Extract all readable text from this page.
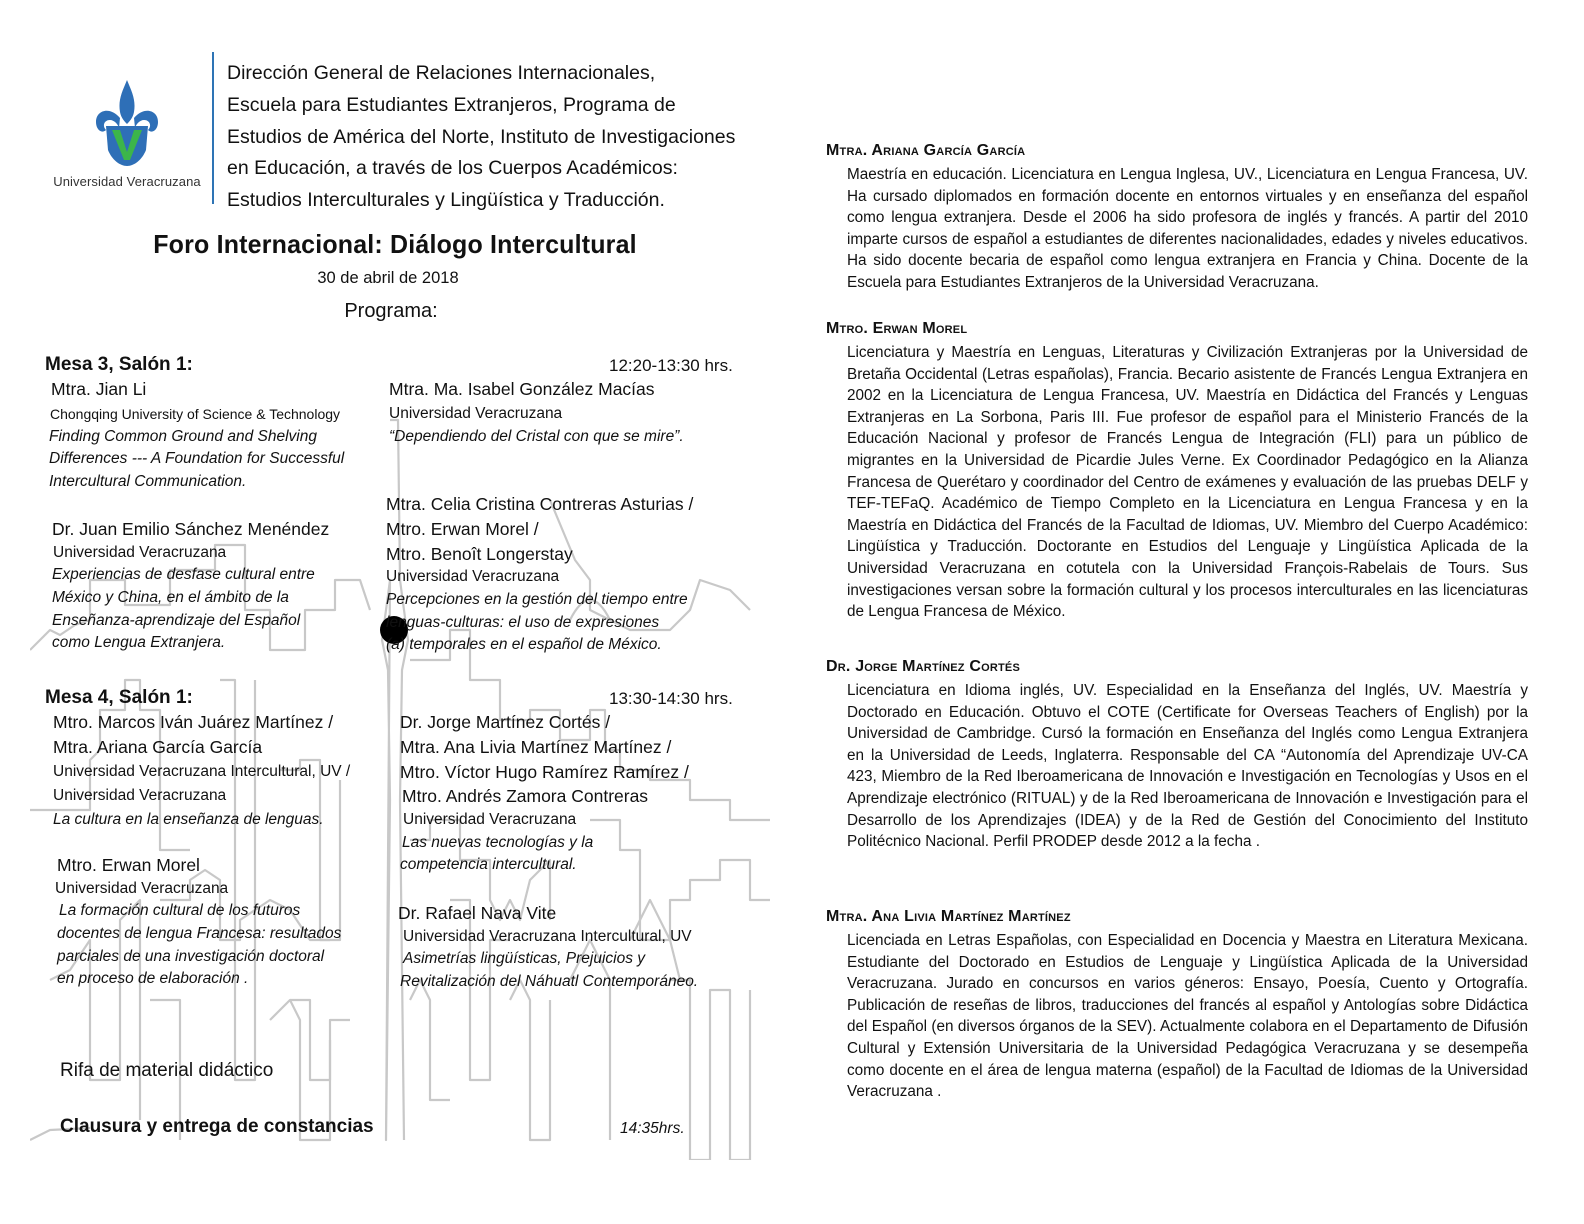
Universidad Veracruzana
Dirección General de Relaciones Internacionales,
Escuela para Estudiantes Extranjeros, Programa de
Estudios de América del Norte, Instituto de Investigaciones
en Educación, a través de los Cuerpos Académicos:
Estudios Interculturales y Lingüística y Traducción.
Foro Internacional: Diálogo Intercultural
30 de abril de 2018
Programa:
Mesa 3, Salón 1:	12:20-13:30 hrs.
Mtra. Jian Li
Chongqing University of Science & Technology
Finding Common Ground and Shelving
Differences --- A Foundation for Successful
Intercultural Communication.
Mtra. Ma. Isabel González Macías
Universidad Veracruzana
“Dependiendo del Cristal con que se mire”.
Dr. Juan Emilio Sánchez Menéndez
Universidad Veracruzana
Experiencias de desfase cultural entre
México y China, en el ámbito de la
Enseñanza-aprendizaje del Español
como Lengua Extranjera.
Mtra. Celia Cristina Contreras Asturias /
Mtro. Erwan Morel /
Mtro. Benoît Longerstay
Universidad Veracruzana
Percepciones en la gestión del tiempo entre
lenguas-culturas: el uso de expresiones
(a) temporales en el español de México.
Mesa 4, Salón 1:	13:30-14:30 hrs.
Mtro. Marcos Iván Juárez Martínez /
Mtra. Ariana García García
Universidad Veracruzana Intercultural, UV /
Universidad Veracruzana
La cultura en la enseñanza de lenguas.
Dr. Jorge Martínez Cortés /
Mtra. Ana Livia Martínez Martínez /
Mtro. Víctor Hugo Ramírez Ramírez /
Mtro. Andrés Zamora Contreras
Universidad Veracruzana
Las nuevas tecnologías y la
competencia intercultural.
Mtro. Erwan Morel
Universidad Veracruzana
La formación cultural de los futuros
docentes de lengua Francesa: resultados
parciales de una investigación doctoral
en proceso de elaboración .
Dr. Rafael Nava Vite
Universidad Veracruzana Intercultural, UV
Asimetrías lingüísticas, Prejuicios y
Revitalización del Náhuatl Contemporáneo.
Rifa de material didáctico
Clausura y entrega de constancias	14:35hrs.
Mtra. Ariana García García
Maestría en educación. Licenciatura en Lengua Inglesa, UV., Licenciatura en Lengua Francesa, UV. Ha cursado diplomados en formación docente en entornos virtuales y en enseñanza del español como lengua extranjera. Desde el 2006 ha sido profesora de inglés y francés. A partir del 2010 imparte cursos de español a estudiantes de diferentes nacionalidades, edades y niveles educativos. Ha sido docente becaria de español como lengua extranjera en Francia y China. Docente de la Escuela para Estudiantes Extranjeros de la Universidad Veracruzana.
Mtro. Erwan Morel
Licenciatura y Maestría en Lenguas, Literaturas y Civilización Extranjeras por la Universidad de Bretaña Occidental (Letras españolas), Francia. Becario asistente de Francés Lengua Extranjera en 2002 en la Licenciatura de Lengua Francesa, UV. Maestría en Didáctica del Francés y Lenguas Extranjeras en La Sorbona, Paris III. Fue profesor de español para el Ministerio Francés de la Educación Nacional y profesor de Francés Lengua de Integración (FLI) para un público de migrantes en la Universidad de Picardie Jules Verne. Ex Coordinador Pedagógico en la Alianza Francesa de Querétaro y coordinador del Centro de exámenes y evaluación de las pruebas DELF y TEF-TEFaQ. Académico de Tiempo Completo en la Licenciatura en Lengua Francesa y en la Maestría en Didáctica del Francés de la Facultad de Idiomas, UV. Miembro del Cuerpo Académico: Lingüística y Traducción. Doctorante en Estudios del Lenguaje y Lingüística Aplicada de la Universidad Veracruzana en cotutela con la Universidad François-Rabelais de Tours. Sus investigaciones versan sobre la formación cultural y los procesos interculturales en las licenciaturas de Lengua Francesa de México.
Dr. Jorge Martínez Cortés
Licenciatura en Idioma inglés, UV. Especialidad en la Enseñanza del Inglés, UV. Maestría y Doctorado en Educación. Obtuvo el COTE (Certificate for Overseas Teachers of English) por la Universidad de Cambridge. Cursó la formación en Enseñanza del Inglés como Lengua Extranjera en la Universidad de Leeds, Inglaterra. Responsable del CA “Autonomía del Aprendizaje UV-CA 423, Miembro de la Red Iberoamericana de Innovación e Investigación en Tecnologías y Usos en el Aprendizaje electrónico (RITUAL) y de la Red Iberoamericana de Innovación e Investigación para el Desarrollo de los Aprendizajes (IDEA) y de la Red de Gestión del Conocimiento del Instituto Politécnico Nacional. Perfil PRODEP desde 2012 a la fecha .
Mtra. Ana Livia Martínez Martínez
Licenciada en Letras Españolas, con Especialidad en Docencia y Maestra en Literatura Mexicana. Estudiante del Doctorado en Estudios de Lenguaje y Lingüística Aplicada de la Universidad Veracruzana. Jurado en concursos en varios géneros: Ensayo, Poesía, Cuento y Ortografía. Publicación de reseñas de libros, traducciones del francés al español y Antologías sobre Didáctica del Español (en diversos órganos de la SEV). Actualmente colabora en el Departamento de Difusión Cultural y Extensión Universitaria de la Universidad Pedagógica Veracruzana y se desempeña como docente en el área de lengua materna (español) de la Facultad de Idiomas de la Universidad Veracruzana .
